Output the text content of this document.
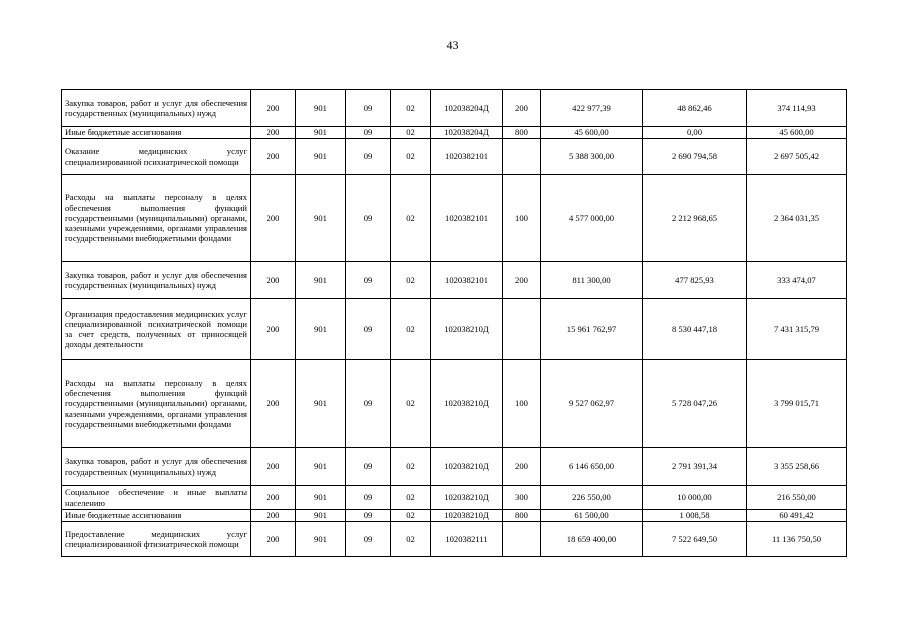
43
Закупка товаров, работ и услуг для обеспечения государственных (муниципальных) нужд	200	901	09	02	102038204Д	200	422 977,39	48 862,46	374 114,93
Иные бюджетные ассигнования	200	901	09	02	102038204Д	800	45 600,00	0,00	45 600,00
Оказание медицинских услуг специализированной психиатрической помощи	200	901	09	02	1020382101		5 388 300,00	2 690 794,58	2 697 505,42
Расходы на выплаты персоналу в целях обеспечения выполнения функций государственными (муниципальными) органами, казенными учреждениями, органами управления государственными внебюджетными фондами	200	901	09	02	1020382101	100	4 577 000,00	2 212 968,65	2 364 031,35
Закупка товаров, работ и услуг для обеспечения государственных (муниципальных) нужд	200	901	09	02	1020382101	200	811 300,00	477 825,93	333 474,07
Организация предоставления медицинских услуг специализированной психиатрической помощи за счет средств, полученных от приносящей доходы деятельности	200	901	09	02	102038210Д		15 961 762,97	8 530 447,18	7 431 315,79
Расходы на выплаты персоналу в целях обеспечения выполнения функций государственными (муниципальными) органами, казенными учреждениями, органами управления государственными внебюджетными фондами	200	901	09	02	102038210Д	100	9 527 062,97	5 728 047,26	3 799 015,71
Закупка товаров, работ и услуг для обеспечения государственных (муниципальных) нужд	200	901	09	02	102038210Д	200	6 146 650,00	2 791 391,34	3 355 258,66
Социальное обеспечение и иные выплаты населению	200	901	09	02	102038210Д	300	226 550,00	10 000,00	216 550,00
Иные бюджетные ассигнования	200	901	09	02	102038210Д	800	61 500,00	1 008,58	60 491,42
Предоставление медицинских услуг специализированной фтизиатрической помощи	200	901	09	02	1020382111		18 659 400,00	7 522 649,50	11 136 750,50
